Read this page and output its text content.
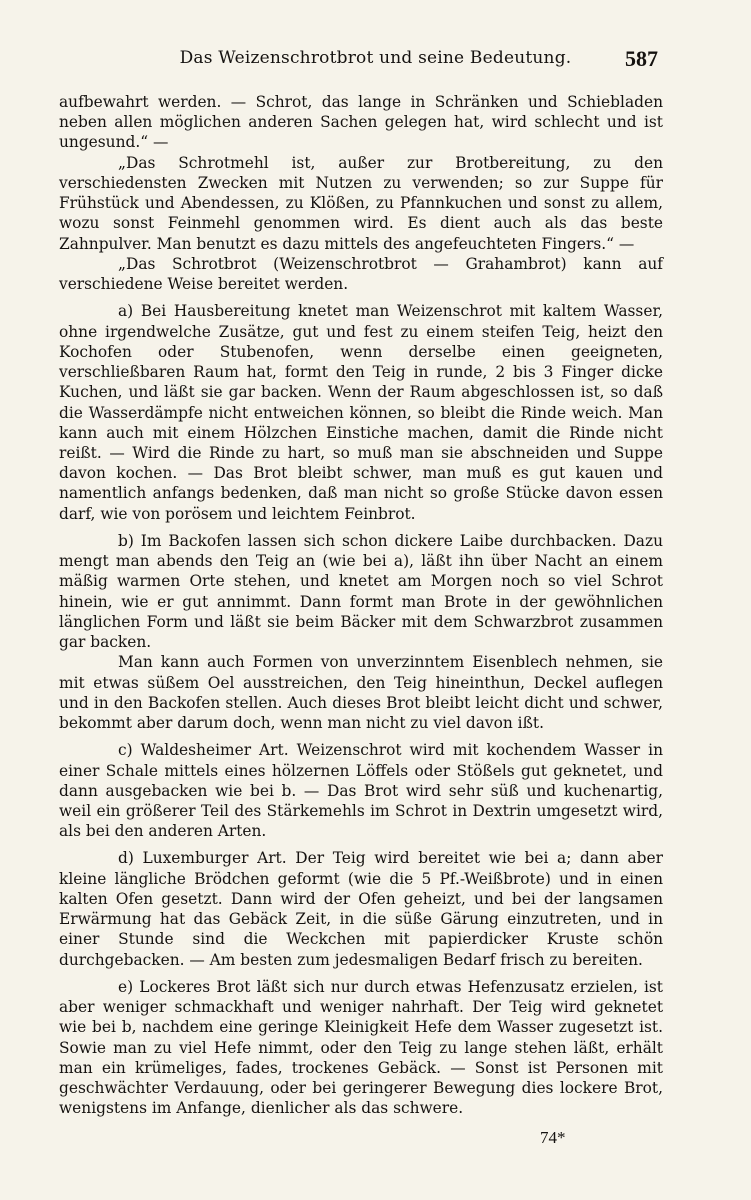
Das Weizenschrotbrot und seine Bedeutung.	587

aufbewahrt werden. — Schrot, das lange in Schränken und Schiebladen neben allen möglichen anderen Sachen gelegen hat, wird schlecht und ist ungesund.“ —

„Das Schrotmehl ist, außer zur Brotbereitung, zu den verschiedensten Zwecken mit Nutzen zu verwenden; so zur Suppe für Frühstück und Abendessen, zu Klößen, zu Pfannkuchen und sonst zu allem, wozu sonst Feinmehl genommen wird. Es dient auch als das beste Zahnpulver. Man benutzt es dazu mittels des angefeuchteten Fingers.“ —

„Das Schrotbrot (Weizenschrotbrot — Grahambrot) kann auf verschiedene Weise bereitet werden.

a) Bei Hausbereitung knetet man Weizenschrot mit kaltem Wasser, ohne irgendwelche Zusätze, gut und fest zu einem steifen Teig, heizt den Kochofen oder Stubenofen, wenn derselbe einen geeigneten, verschließbaren Raum hat, formt den Teig in runde, 2 bis 3 Finger dicke Kuchen, und läßt sie gar backen. Wenn der Raum abgeschlossen ist, so daß die Wasserdämpfe nicht entweichen können, so bleibt die Rinde weich. Man kann auch mit einem Hölzchen Einstiche machen, damit die Rinde nicht reißt. — Wird die Rinde zu hart, so muß man sie abschneiden und Suppe davon kochen. — Das Brot bleibt schwer, man muß es gut kauen und namentlich anfangs bedenken, daß man nicht so große Stücke davon essen darf, wie von porösem und leichtem Feinbrot.

b) Im Backofen lassen sich schon dickere Laibe durchbacken. Dazu mengt man abends den Teig an (wie bei a), läßt ihn über Nacht an einem mäßig warmen Orte stehen, und knetet am Morgen noch so viel Schrot hinein, wie er gut annimmt. Dann formt man Brote in der gewöhnlichen länglichen Form und läßt sie beim Bäcker mit dem Schwarzbrot zusammen gar backen.

Man kann auch Formen von unverzinntem Eisenblech nehmen, sie mit etwas süßem Oel ausstreichen, den Teig hineinthun, Deckel auflegen und in den Backofen stellen. Auch dieses Brot bleibt leicht dicht und schwer, bekommt aber darum doch, wenn man nicht zu viel davon ißt.

c) Waldesheimer Art. Weizenschrot wird mit kochendem Wasser in einer Schale mittels eines hölzernen Löffels oder Stößels gut geknetet, und dann ausgebacken wie bei b. — Das Brot wird sehr süß und kuchenartig, weil ein größerer Teil des Stärkemehls im Schrot in Dextrin umgesetzt wird, als bei den anderen Arten.

d) Luxemburger Art. Der Teig wird bereitet wie bei a; dann aber kleine längliche Brödchen geformt (wie die 5 Pf.-Weißbrote) und in einen kalten Ofen gesetzt. Dann wird der Ofen geheizt, und bei der langsamen Erwärmung hat das Gebäck Zeit, in die süße Gärung einzutreten, und in einer Stunde sind die Weckchen mit papierdicker Kruste schön durchgebacken. — Am besten zum jedesmaligen Bedarf frisch zu bereiten.

e) Lockeres Brot läßt sich nur durch etwas Hefenzusatz erzielen, ist aber weniger schmackhaft und weniger nahrhaft. Der Teig wird geknetet wie bei b, nachdem eine geringe Kleinigkeit Hefe dem Wasser zugesetzt ist. Sowie man zu viel Hefe nimmt, oder den Teig zu lange stehen läßt, erhält man ein krümeliges, fades, trockenes Gebäck. — Sonst ist Personen mit geschwächter Verdauung, oder bei geringerer Bewegung dies lockere Brot, wenigstens im Anfange, dienlicher als das schwere.

74*
